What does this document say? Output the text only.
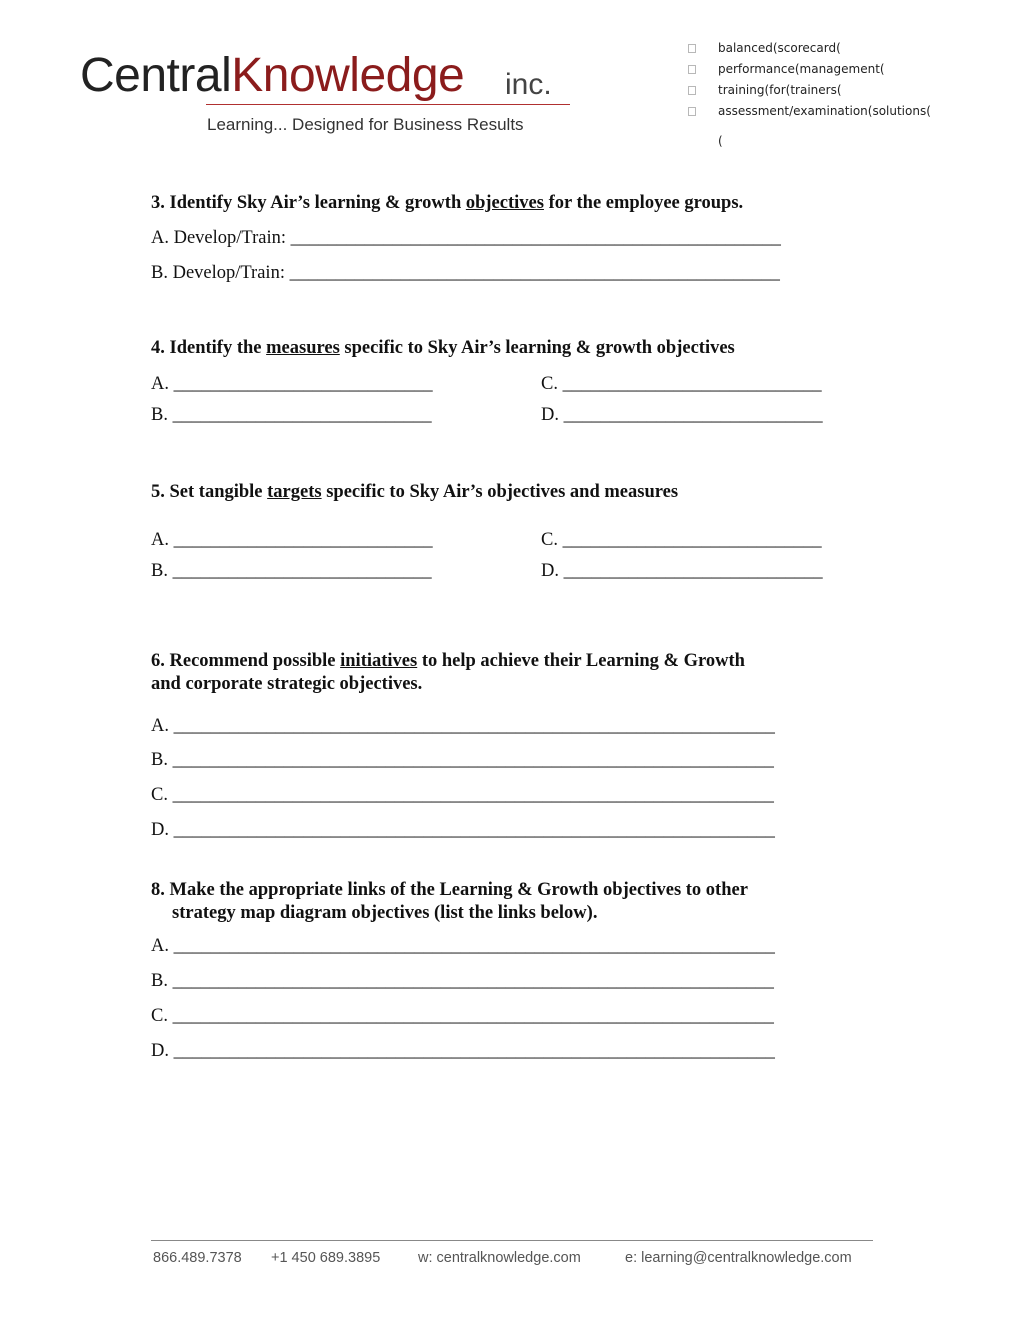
CentralKnowledge inc.
Learning... Designed for Business Results
balanced(scorecard(
performance(management(
training(for(trainers(
assessment/examination(solutions(
(
3. Identify Sky Air’s learning & growth objectives for the employee groups.
A. Develop/Train: _____________________________________________________
B. Develop/Train: _____________________________________________________
4. Identify the measures specific to Sky Air’s learning & growth objectives
A. ____________________________	C. ____________________________
B. ____________________________	D. ____________________________
5. Set tangible targets specific to Sky Air’s objectives and measures
A. ____________________________	C. ____________________________
B. ____________________________	D. ____________________________
6. Recommend possible initiatives to help achieve their Learning & Growth
and corporate strategic objectives.
A. _________________________________________________________________
B. _________________________________________________________________
C. _________________________________________________________________
D. _________________________________________________________________
8. Make the appropriate links of the Learning & Growth objectives to other
strategy map diagram objectives (list the links below).
A. _________________________________________________________________
B. _________________________________________________________________
C. _________________________________________________________________
D. _________________________________________________________________
866.489.7378 +1 450 689.3895	w: centralknowledge.com	e: learning@centralknowledge.com
